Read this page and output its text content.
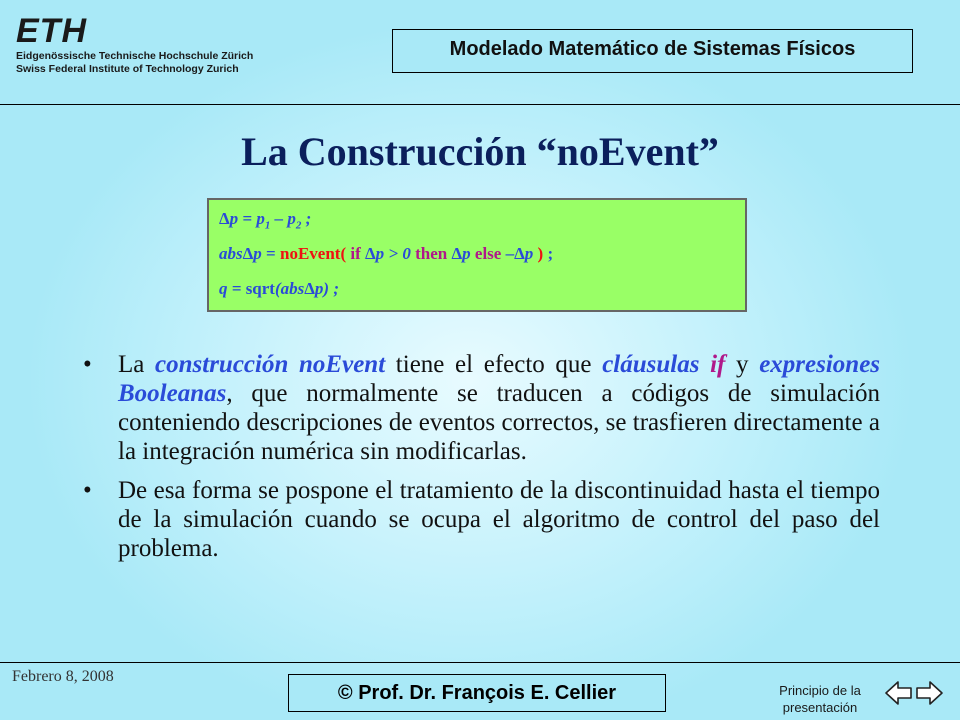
ETH
Eidgenössische Technische Hochschule Zürich
Swiss Federal Institute of Technology Zurich
Modelado Matemático de Sistemas Físicos
La Construcción “noEvent”
$\Delta p = p_1 - p_2$ ;
absΔp = noEvent( if Δp > 0 then Δp else –Δp ) ;
q = sqrt(absΔp) ;
• La construcción noEvent tiene el efecto que cláusulas if y expresiones Booleanas, que normalmente se traducen a códigos de simulación conteniendo descripciones de eventos correctos, se trasfieren directamente a la integración numérica sin modificarlas.
• De esa forma se pospone el tratamiento de la discontinuidad hasta el tiempo de la simulación cuando se ocupa el algoritmo de control del paso del problema.
Febrero 8, 2008
© Prof. Dr. François E. Cellier	Principio de la presentación
